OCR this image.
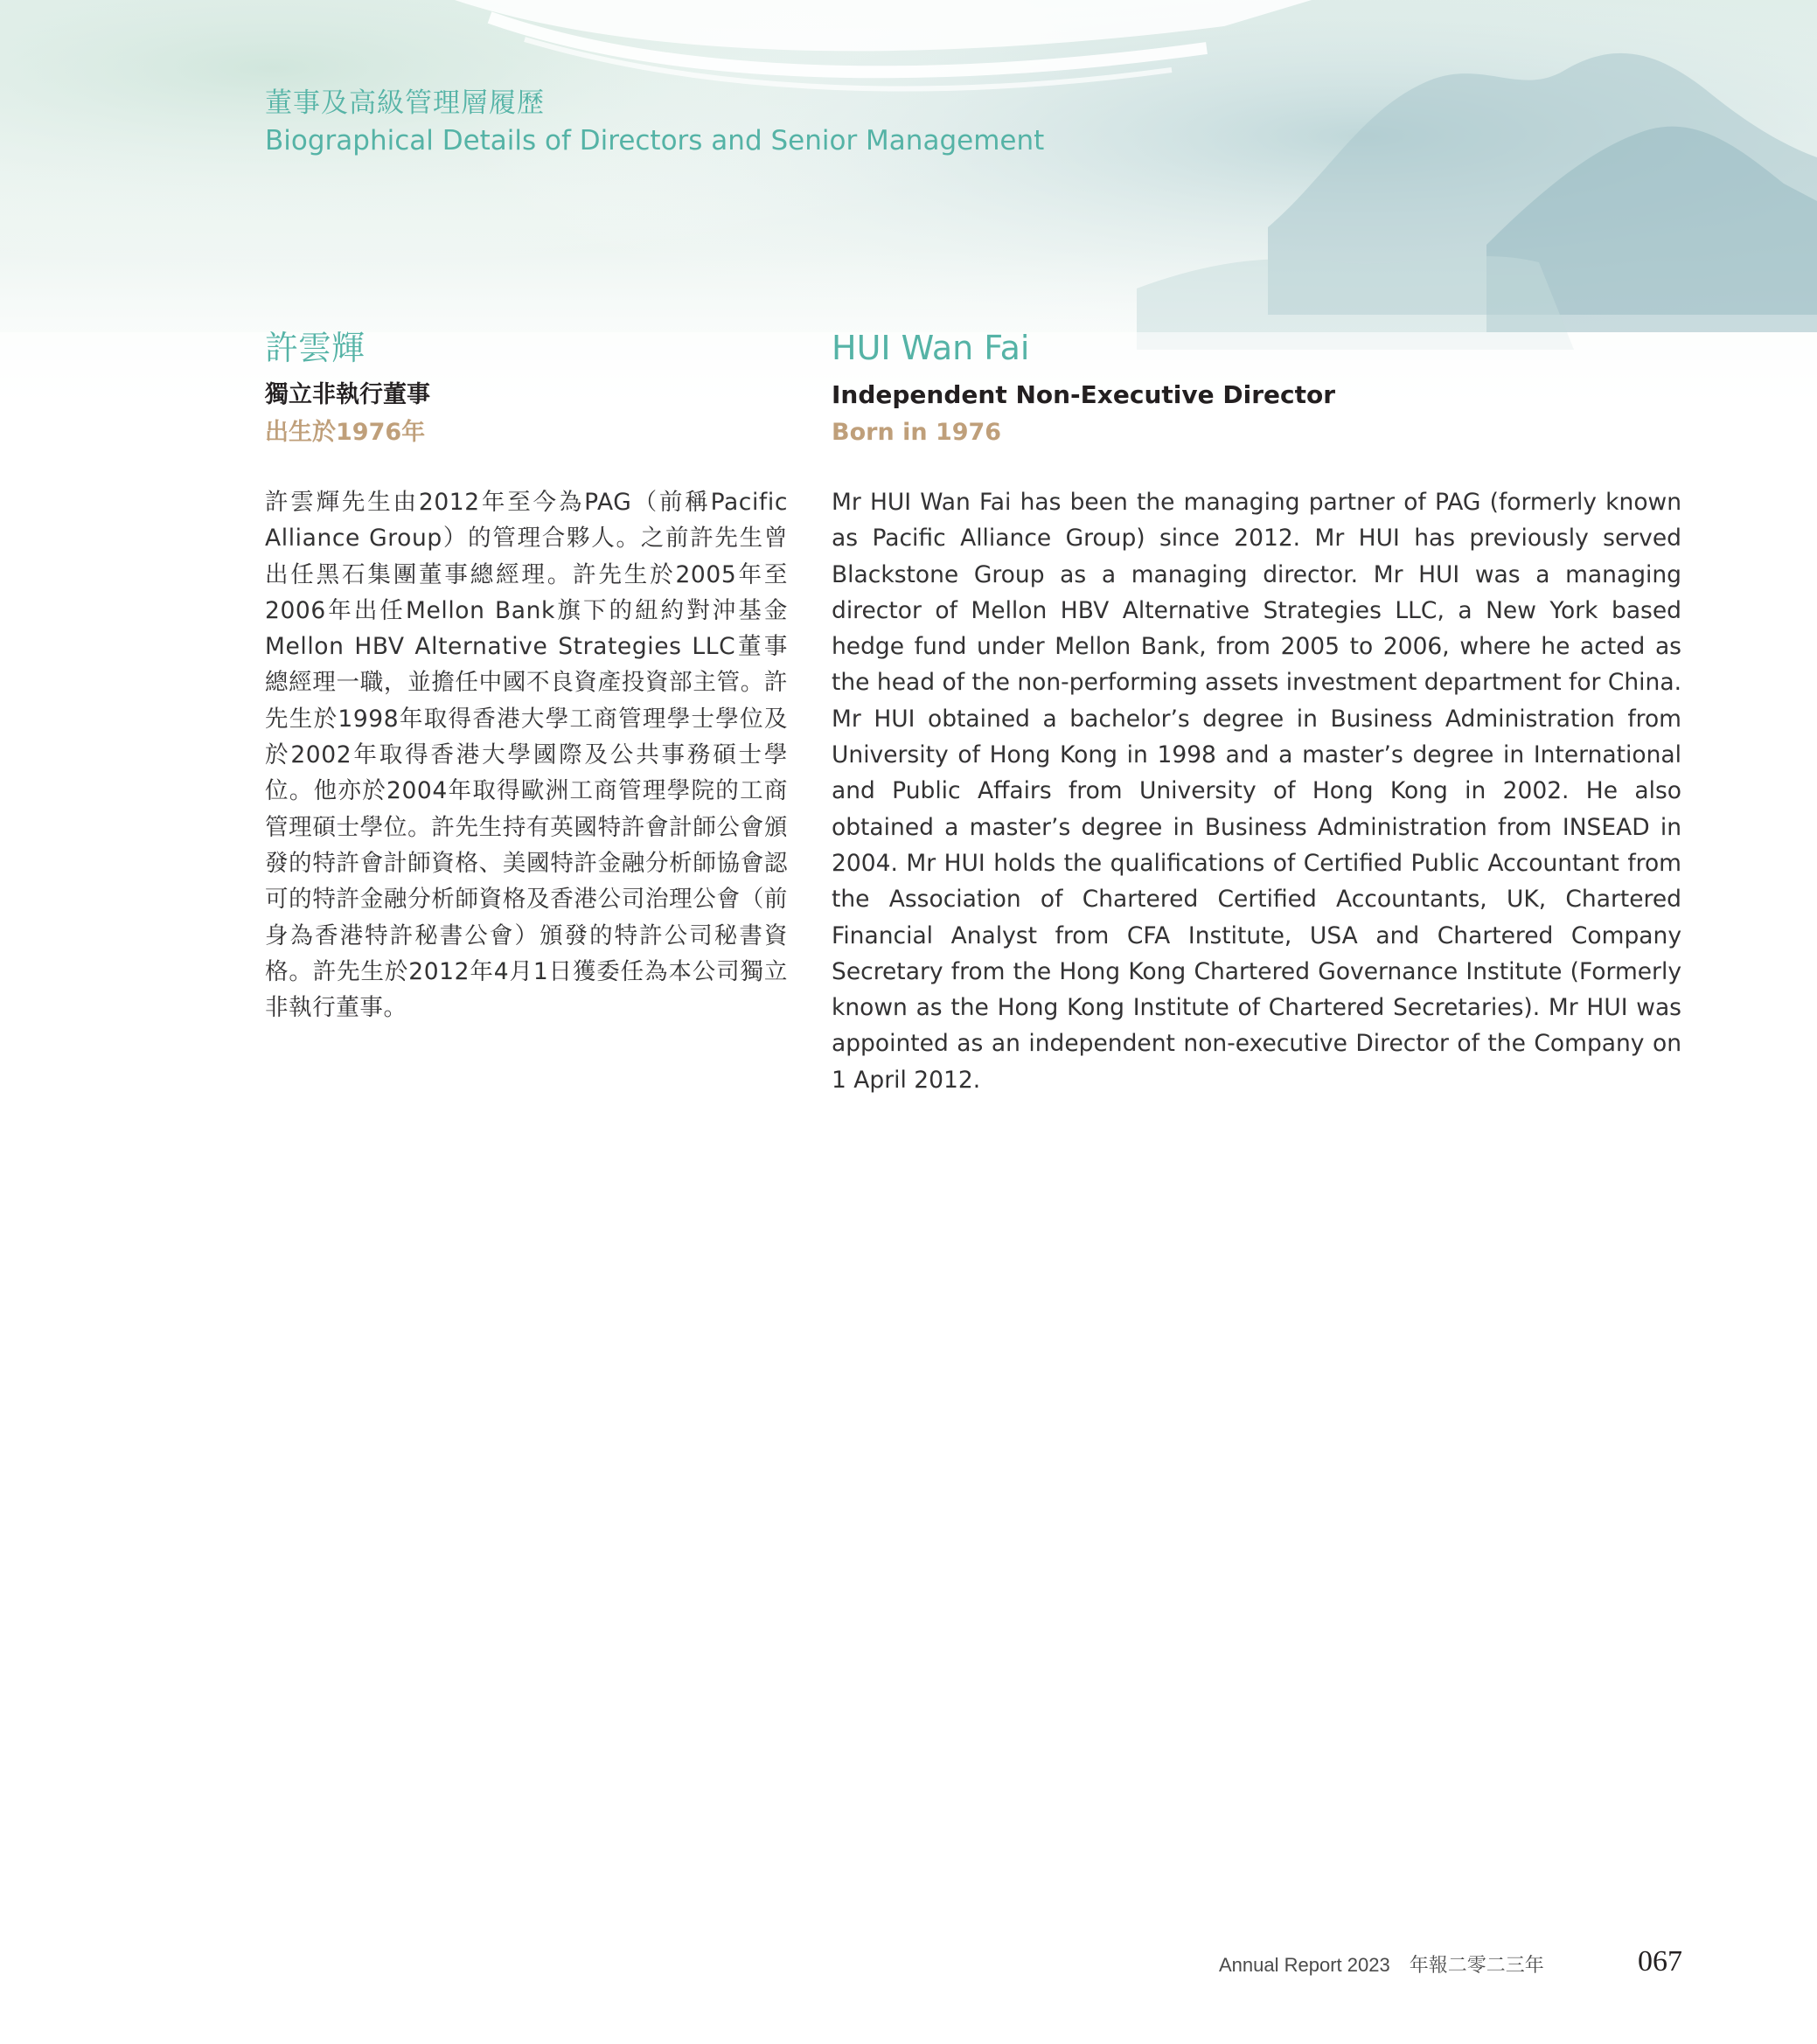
董事及高級管理層履歷
Biographical Details of Directors and Senior Management
許雲輝
獨立非執行董事
出生於1976年
許雲輝先生由2012年至今為PAG（前稱Pacific Alliance Group）的管理合夥人。之前許先生曾出任黑石集團董事總經理。許先生於2005年至2006年出任Mellon Bank旗下的紐約對沖基金Mellon HBV Alternative Strategies LLC董事總經理一職，並擔任中國不良資產投資部主管。許先生於1998年取得香港大學工商管理學士學位及於2002年取得香港大學國際及公共事務碩士學位。他亦於2004年取得歐洲工商管理學院的工商管理碩士學位。許先生持有英國特許會計師公會頒發的特許會計師資格、美國特許金融分析師協會認可的特許金融分析師資格及香港公司治理公會（前身為香港特許秘書公會）頒發的特許公司秘書資格。許先生於2012年4月1日獲委任為本公司獨立非執行董事。
HUI Wan Fai
Independent Non-Executive Director
Born in 1976
Mr HUI Wan Fai has been the managing partner of PAG (formerly known as Pacific Alliance Group) since 2012. Mr HUI has previously served Blackstone Group as a managing director. Mr HUI was a managing director of Mellon HBV Alternative Strategies LLC, a New York based hedge fund under Mellon Bank, from 2005 to 2006, where he acted as the head of the non-performing assets investment department for China. Mr HUI obtained a bachelor’s degree in Business Administration from University of Hong Kong in 1998 and a master’s degree in International and Public Affairs from University of Hong Kong in 2002. He also obtained a master’s degree in Business Administration from INSEAD in 2004. Mr HUI holds the qualifications of Certified Public Accountant from the Association of Chartered Certified Accountants, UK, Chartered Financial Analyst from CFA Institute, USA and Chartered Company Secretary from the Hong Kong Chartered Governance Institute (Formerly known as the Hong Kong Institute of Chartered Secretaries). Mr HUI was appointed as an independent non-executive Director of the Company on 1 April 2012.
Annual Report 2023　年報二零二三年	067
